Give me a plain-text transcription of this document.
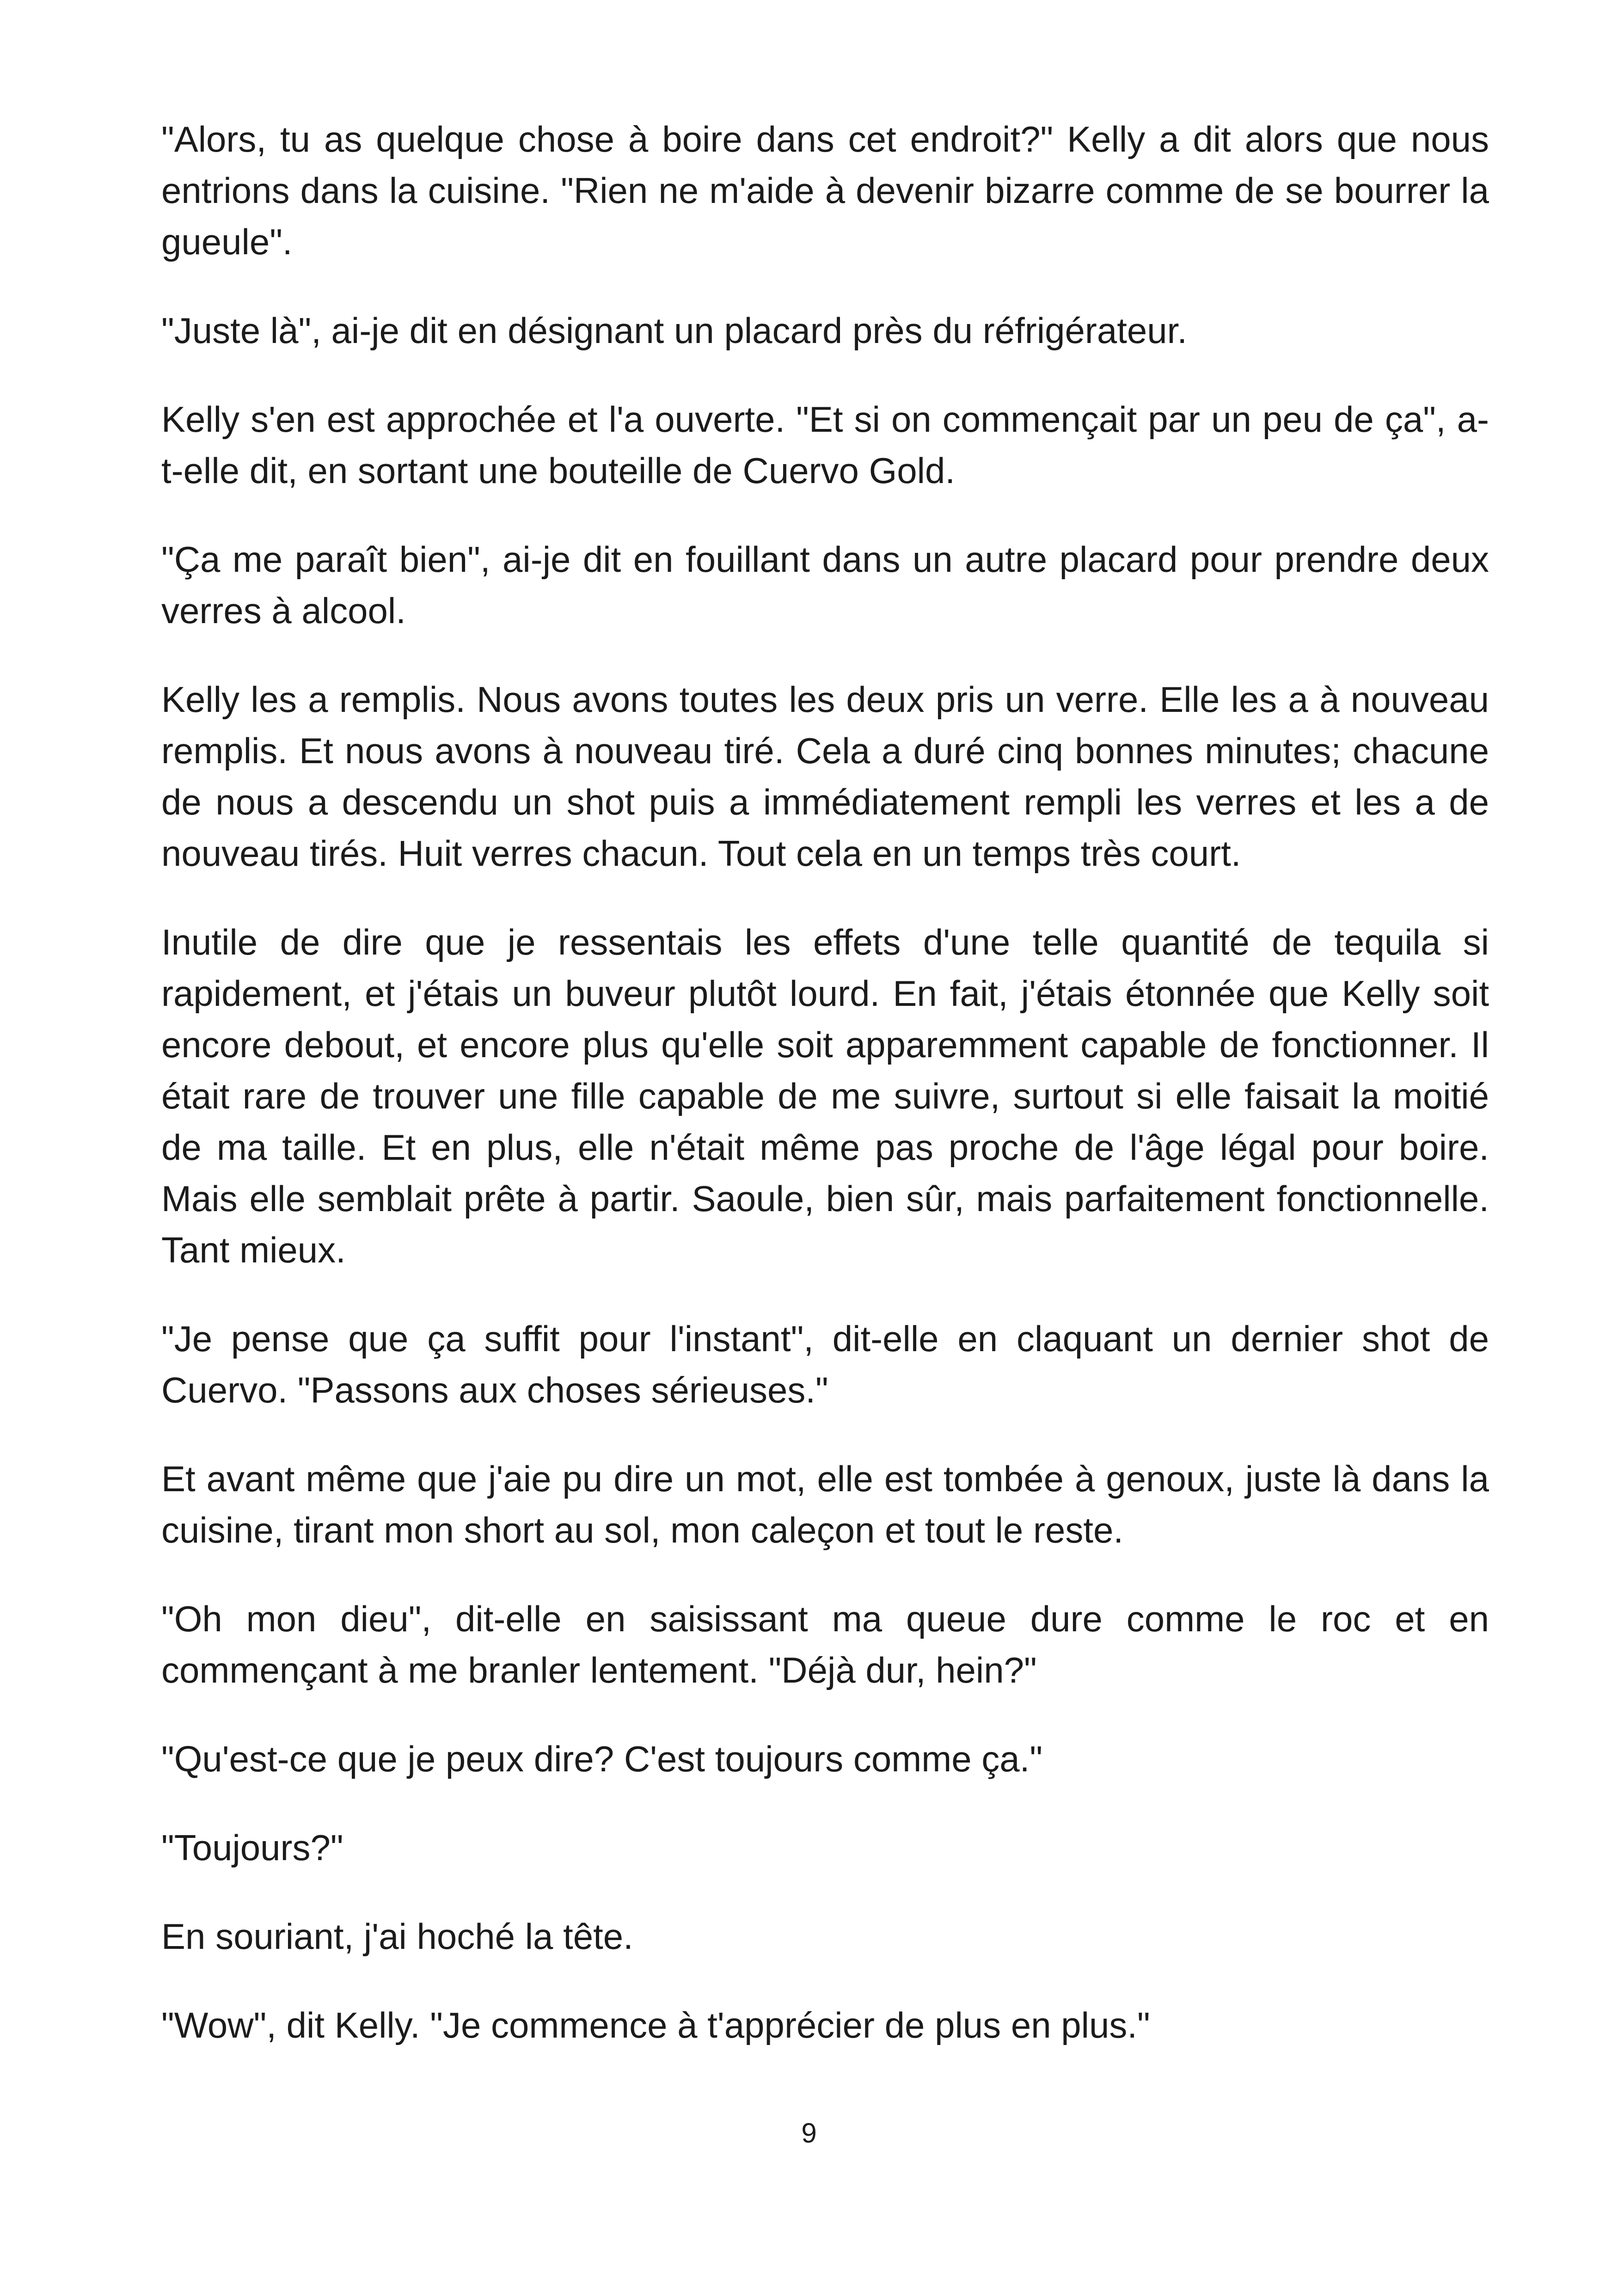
"Alors, tu as quelque chose à boire dans cet endroit?" Kelly a dit alors que nous entrions dans la cuisine. "Rien ne m'aide à devenir bizarre comme de se bourrer la gueule".

"Juste là", ai-je dit en désignant un placard près du réfrigérateur.

Kelly s'en est approchée et l'a ouverte. "Et si on commençait par un peu de ça", a-t-elle dit, en sortant une bouteille de Cuervo Gold.

"Ça me paraît bien", ai-je dit en fouillant dans un autre placard pour prendre deux verres à alcool.

Kelly les a remplis. Nous avons toutes les deux pris un verre. Elle les a à nouveau remplis. Et nous avons à nouveau tiré. Cela a duré cinq bonnes minutes; chacune de nous a descendu un shot puis a immédiatement rempli les verres et les a de nouveau tirés. Huit verres chacun. Tout cela en un temps très court.

Inutile de dire que je ressentais les effets d'une telle quantité de tequila si rapidement, et j'étais un buveur plutôt lourd. En fait, j'étais étonnée que Kelly soit encore debout, et encore plus qu'elle soit apparemment capable de fonctionner. Il était rare de trouver une fille capable de me suivre, surtout si elle faisait la moitié de ma taille. Et en plus, elle n'était même pas proche de l'âge légal pour boire. Mais elle semblait prête à partir. Saoule, bien sûr, mais parfaitement fonctionnelle. Tant mieux.

"Je pense que ça suffit pour l'instant", dit-elle en claquant un dernier shot de Cuervo. "Passons aux choses sérieuses."

Et avant même que j'aie pu dire un mot, elle est tombée à genoux, juste là dans la cuisine, tirant mon short au sol, mon caleçon et tout le reste.

"Oh mon dieu", dit-elle en saisissant ma queue dure comme le roc et en commençant à me branler lentement. "Déjà dur, hein?"

"Qu'est-ce que je peux dire? C'est toujours comme ça."

"Toujours?"

En souriant, j'ai hoché la tête.

"Wow", dit Kelly. "Je commence à t'apprécier de plus en plus."

9
